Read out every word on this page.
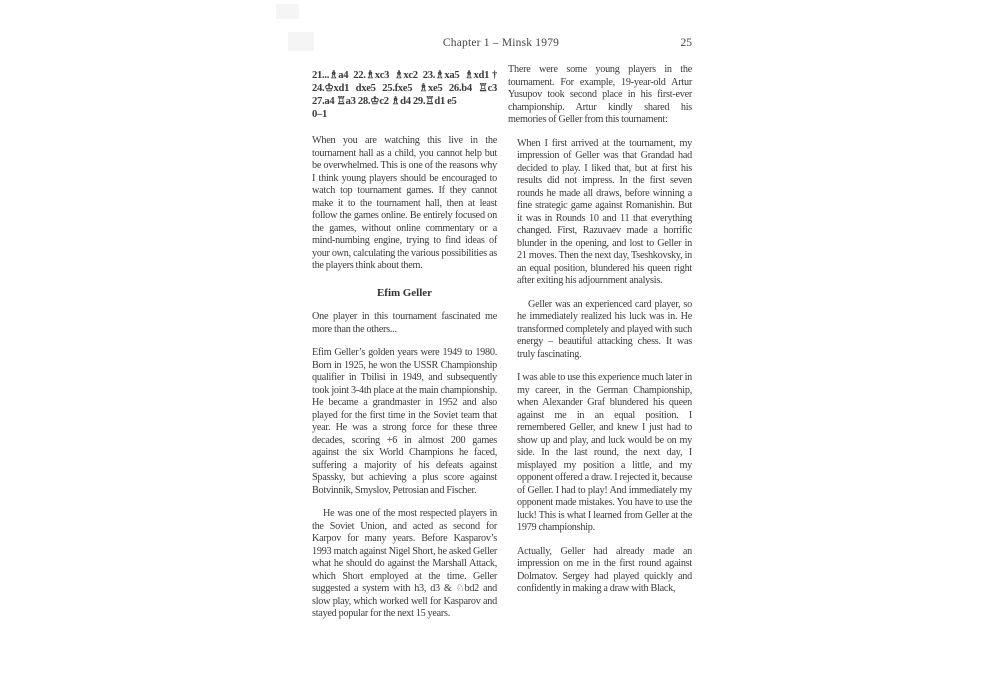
Chapter 1 – Minsk 1979	25
21...♗a4 22.♗xc3 ♗xc2 23.♗xa5 ♗xd1†
24.♔xd1 dxe5 25.fxe5 ♗xe5 26.b4 ♖c3
27.a4 ♖a3 28.♔c2 ♗d4 29.♖d1 e5
0–1

When you are watching this live in the tournament hall as a child, you cannot help but be overwhelmed. This is one of the reasons why I think young players should be encouraged to watch top tournament games. If they cannot make it to the tournament hall, then at least follow the games online. Be entirely focused on the games, without online commentary or a mind-numbing engine, trying to find ideas of your own, calculating the various possibilities as the players think about them.

Efim Geller

One player in this tournament fascinated me more than the others...

Efim Geller’s golden years were 1949 to 1980. Born in 1925, he won the USSR Championship qualifier in Tbilisi in 1949, and subsequently took joint 3-4th place at the main championship. He became a grandmaster in 1952 and also played for the first time in the Soviet team that year. He was a strong force for these three decades, scoring +6 in almost 200 games against the six World Champions he faced, suffering a majority of his defeats against Spassky, but achieving a plus score against Botvinnik, Smyslov, Petrosian and Fischer.

He was one of the most respected players in the Soviet Union, and acted as second for Karpov for many years. Before Kasparov’s 1993 match against Nigel Short, he asked Geller what he should do against the Marshall Attack, which Short employed at the time. Geller suggested a system with h3, d3 & ♘bd2 and slow play, which worked well for Kasparov and stayed popular for the next 15 years.

There were some young players in the tournament. For example, 19-year-old Artur Yusupov took second place in his first-ever championship. Artur kindly shared his memories of Geller from this tournament:

When I first arrived at the tournament, my impression of Geller was that Grandad had decided to play. I liked that, but at first his results did not impress. In the first seven rounds he made all draws, before winning a fine strategic game against Romanishin. But it was in Rounds 10 and 11 that everything changed. First, Razuvaev made a horrific blunder in the opening, and lost to Geller in 21 moves. Then the next day, Tseshkovsky, in an equal position, blundered his queen right after exiting his adjournment analysis.

Geller was an experienced card player, so he immediately realized his luck was in. He transformed completely and played with such energy – beautiful attacking chess. It was truly fascinating.

I was able to use this experience much later in my career, in the German Championship, when Alexander Graf blundered his queen against me in an equal position. I remembered Geller, and knew I just had to show up and play, and luck would be on my side. In the last round, the next day, I misplayed my position a little, and my opponent offered a draw. I rejected it, because of Geller. I had to play! And immediately my opponent made mistakes. You have to use the luck! This is what I learned from Geller at the 1979 championship.

Actually, Geller had already made an impression on me in the first round against Dolmatov. Sergey had played quickly and confidently in making a draw with Black,
